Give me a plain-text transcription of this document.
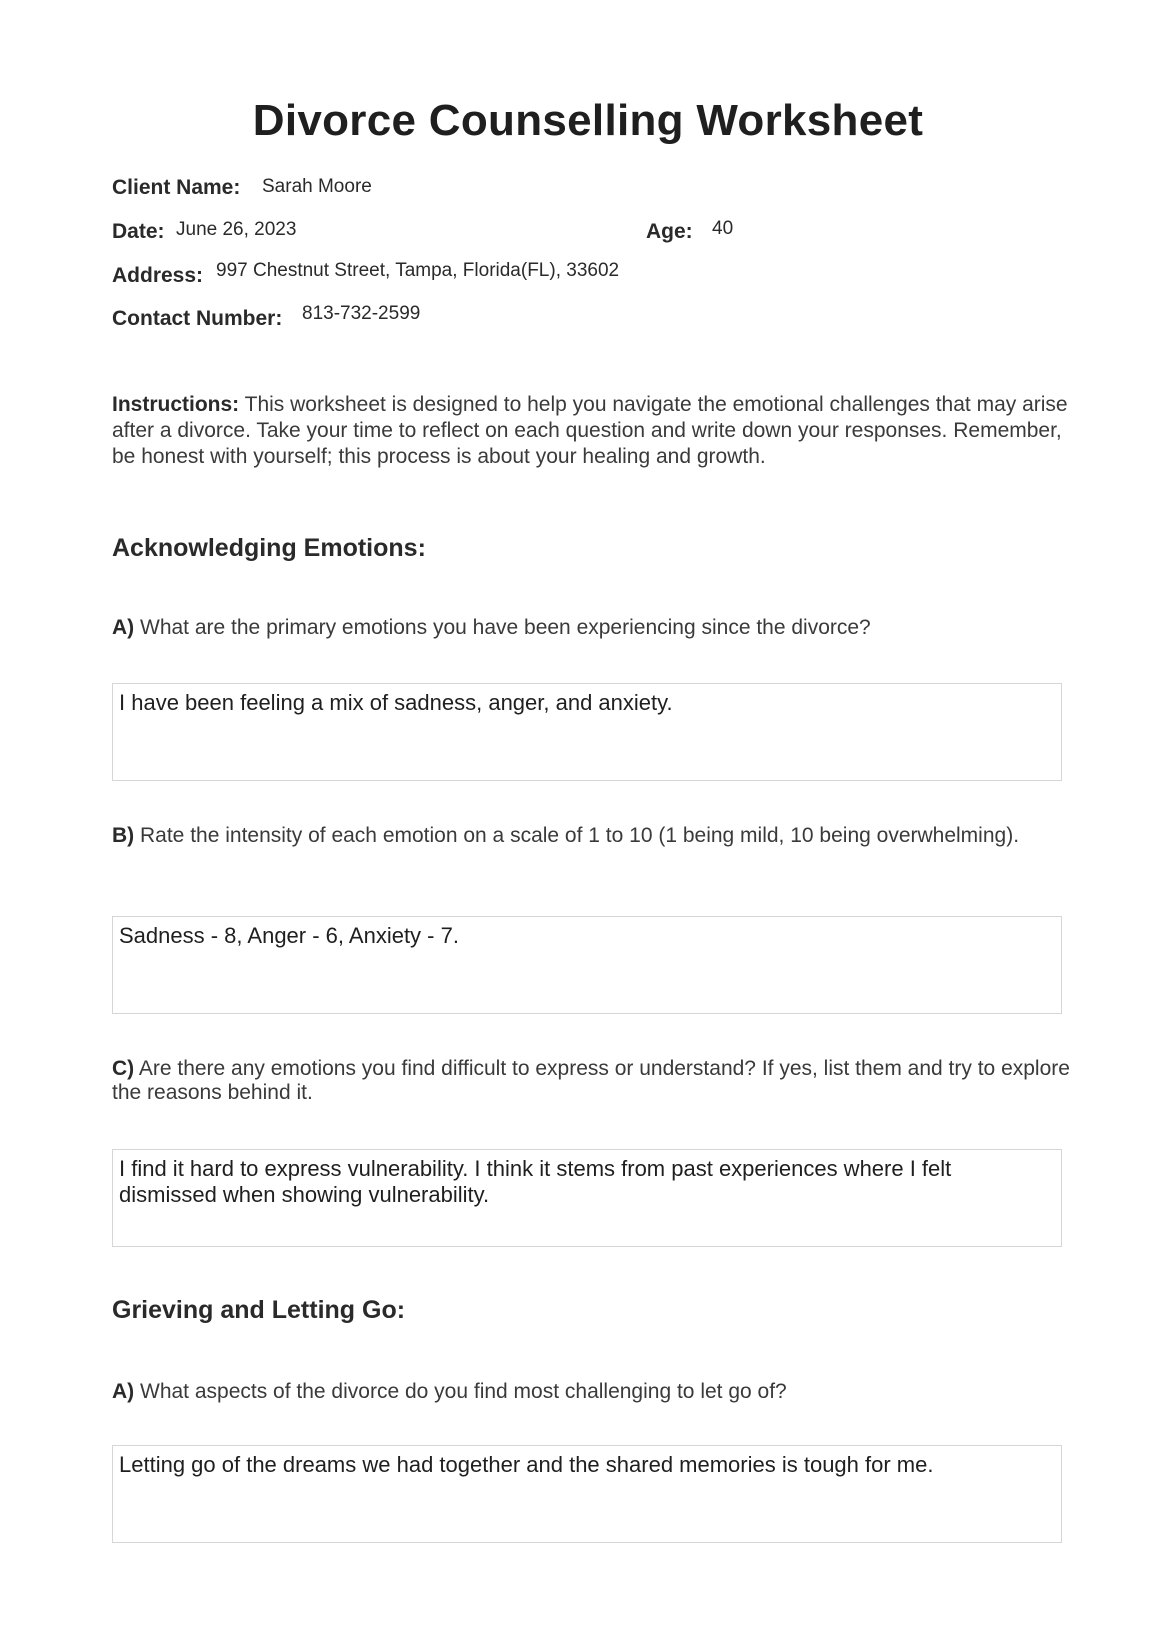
Divorce Counselling Worksheet
Client Name: Sarah Moore
Date: June 26, 2023	Age: 40
Address: 997 Chestnut Street, Tampa, Florida(FL), 33602
Contact Number: 813-732-2599
Instructions: This worksheet is designed to help you navigate the emotional challenges that may arise after a divorce. Take your time to reflect on each question and write down your responses. Remember, be honest with yourself; this process is about your healing and growth.
Acknowledging Emotions:
A) What are the primary emotions you have been experiencing since the divorce?
I have been feeling a mix of sadness, anger, and anxiety.
B) Rate the intensity of each emotion on a scale of 1 to 10 (1 being mild, 10 being overwhelming).
Sadness - 8, Anger - 6, Anxiety - 7.
C) Are there any emotions you find difficult to express or understand? If yes, list them and try to explore the reasons behind it.
I find it hard to express vulnerability. I think it stems from past experiences where I felt dismissed when showing vulnerability.
Grieving and Letting Go:
A) What aspects of the divorce do you find most challenging to let go of?
Letting go of the dreams we had together and the shared memories is tough for me.
